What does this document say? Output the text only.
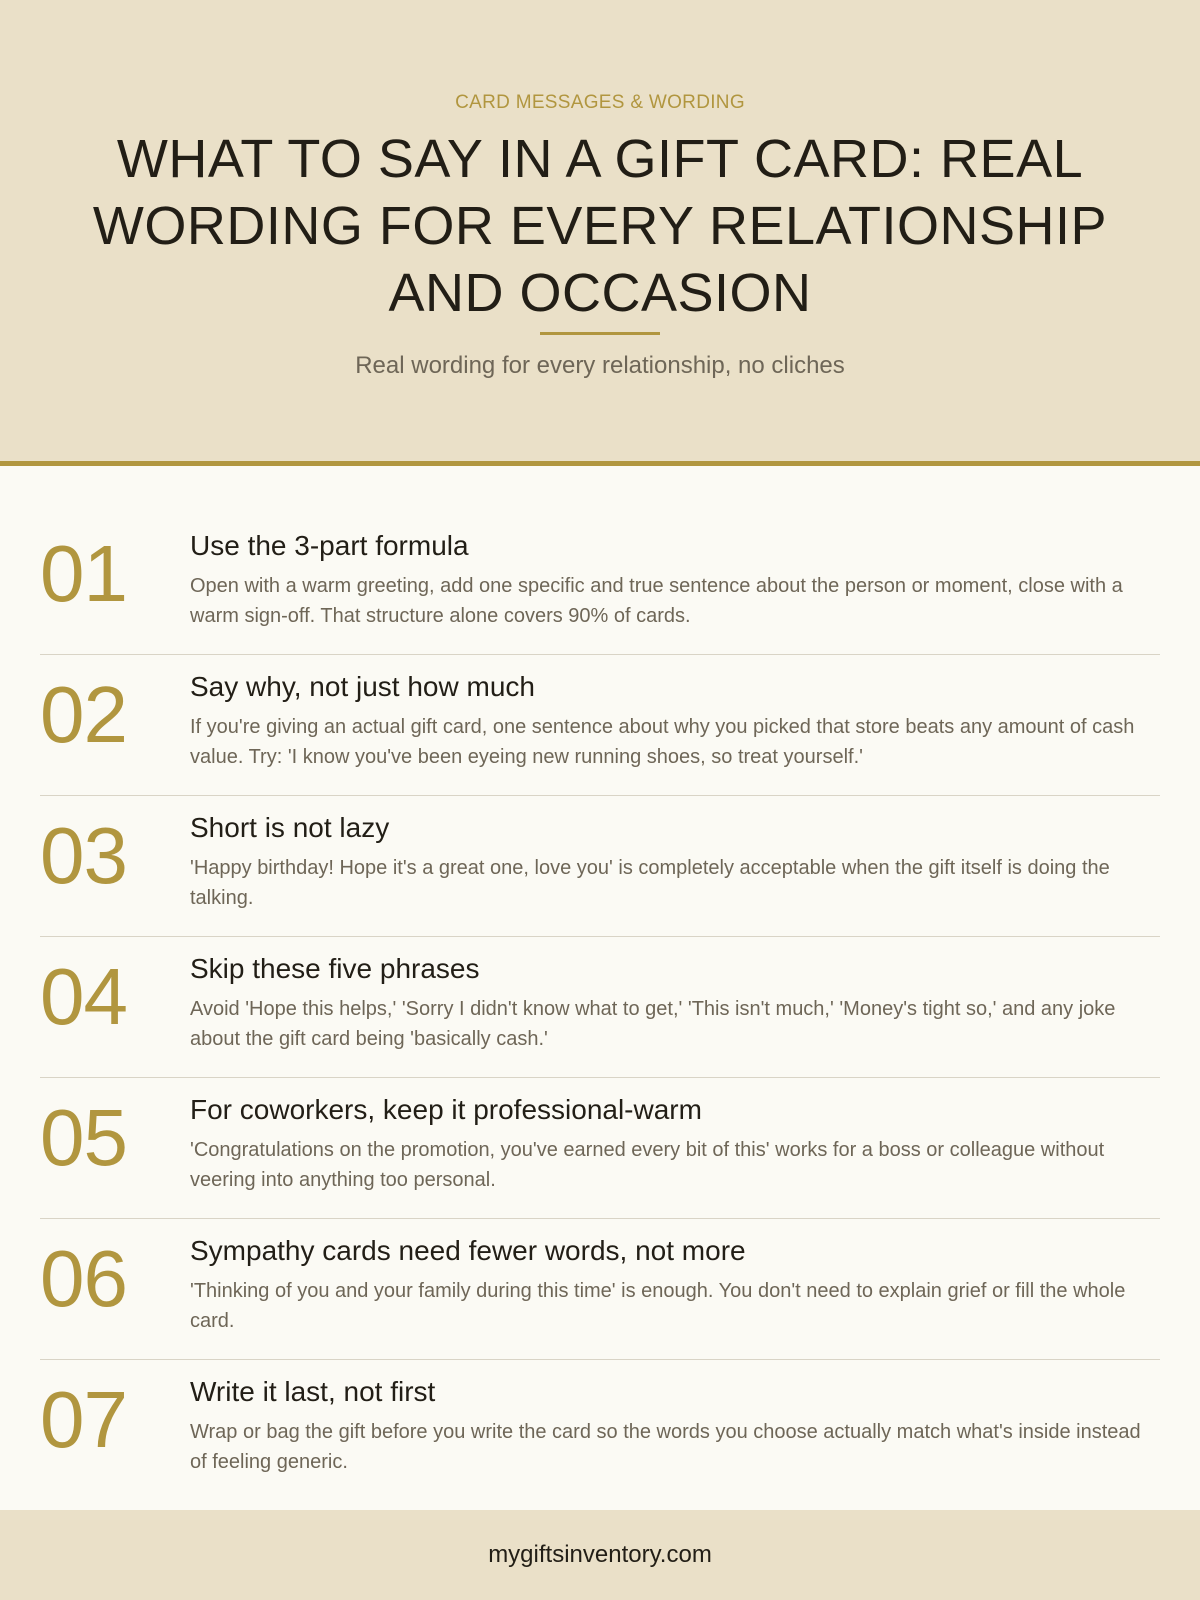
CARD MESSAGES & WORDING
WHAT TO SAY IN A GIFT CARD: REAL WORDING FOR EVERY RELATIONSHIP AND OCCASION
Real wording for every relationship, no cliches
01 Use the 3-part formula
Open with a warm greeting, add one specific and true sentence about the person or moment, close with a warm sign-off. That structure alone covers 90% of cards.
02 Say why, not just how much
If you're giving an actual gift card, one sentence about why you picked that store beats any amount of cash value. Try: 'I know you've been eyeing new running shoes, so treat yourself.'
03 Short is not lazy
'Happy birthday! Hope it's a great one, love you' is completely acceptable when the gift itself is doing the talking.
04 Skip these five phrases
Avoid 'Hope this helps,' 'Sorry I didn't know what to get,' 'This isn't much,' 'Money's tight so,' and any joke about the gift card being 'basically cash.'
05 For coworkers, keep it professional-warm
'Congratulations on the promotion, you've earned every bit of this' works for a boss or colleague without veering into anything too personal.
06 Sympathy cards need fewer words, not more
'Thinking of you and your family during this time' is enough. You don't need to explain grief or fill the whole card.
07 Write it last, not first
Wrap or bag the gift before you write the card so the words you choose actually match what's inside instead of feeling generic.
mygiftsinventory.com
